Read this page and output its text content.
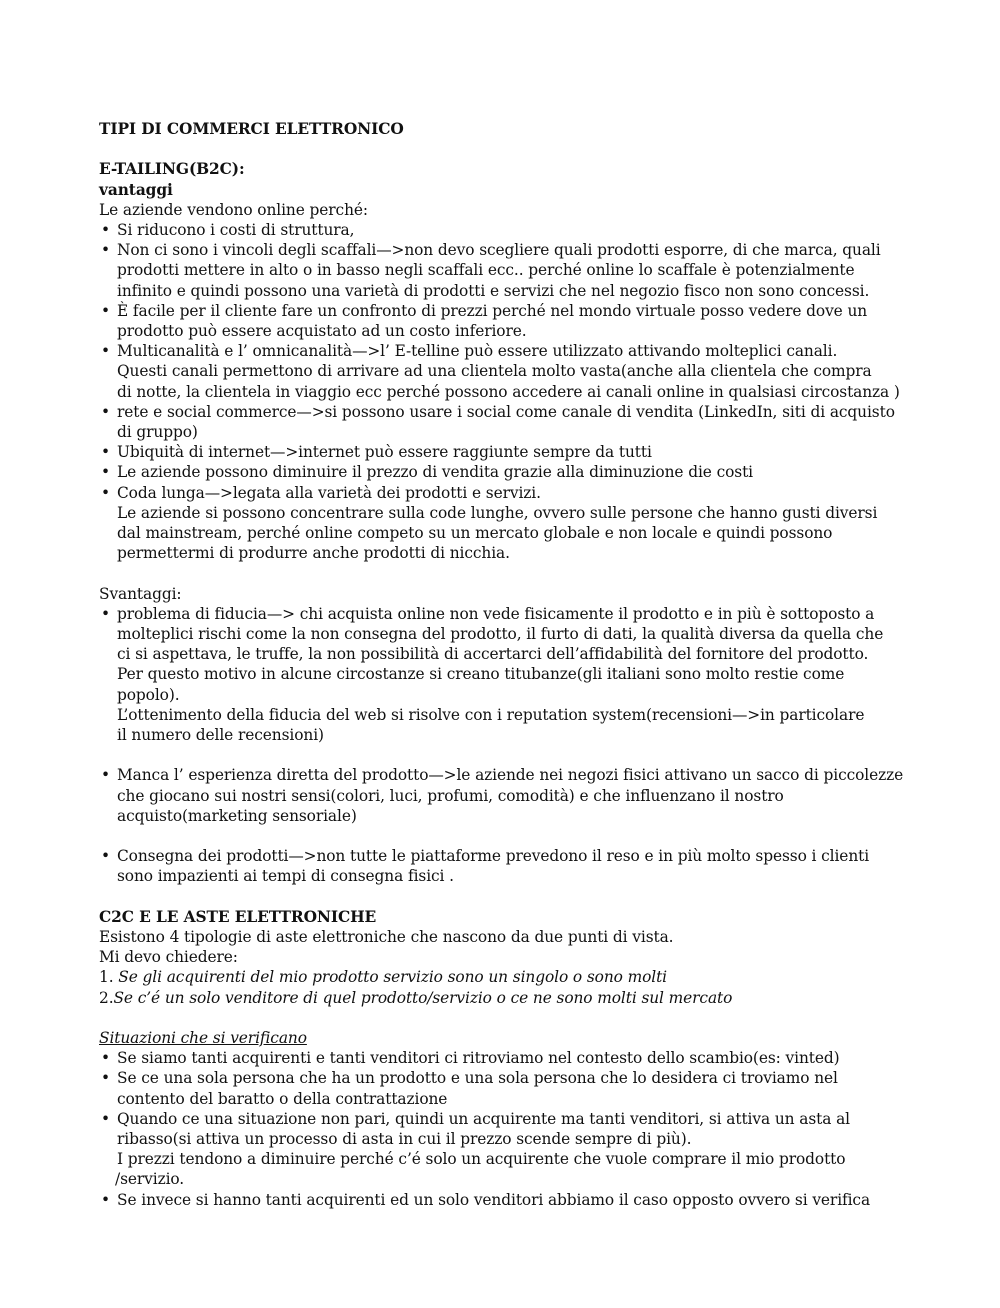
TIPI DI COMMERCI ELETTRONICO
E-TAILING(B2C):
vantaggi
Le aziende vendono online perché:
• Si riducono i costi di struttura,
• Non ci sono i vincoli degli scaffali—>non devo scegliere quali prodotti esporre, di che marca, quali
prodotti mettere in alto o in basso negli scaffali ecc.. perché online lo scaffale è potenzialmente
infinito e quindi possono una varietà di prodotti e servizi che nel negozio fisco non sono concessi.
• È facile per il cliente fare un confronto di prezzi perché nel mondo virtuale posso vedere dove un
prodotto può essere acquistato ad un costo inferiore.
• Multicanalità e l’ omnicanalità—>l’ E-telline può essere utilizzato attivando molteplici canali.
Questi canali permettono di arrivare ad una clientela molto vasta(anche alla clientela che compra
di notte, la clientela in viaggio ecc perché possono accedere ai canali online in qualsiasi circostanza )
• rete e social commerce—>si possono usare i social come canale di vendita (LinkedIn, siti di acquisto
di gruppo)
• Ubiquità di internet—>internet può essere raggiunte sempre da tutti
• Le aziende possono diminuire il prezzo di vendita grazie alla diminuzione die costi
• Coda lunga—>legata alla varietà dei prodotti e servizi.
Le aziende si possono concentrare sulla code lunghe, ovvero sulle persone che hanno gusti diversi
dal mainstream, perché online competo su un mercato globale e non locale e quindi possono
permettermi di produrre anche prodotti di nicchia.
Svantaggi:
• problema di fiducia—> chi acquista online non vede fisicamente il prodotto e in più è sottoposto a
molteplici rischi come la non consegna del prodotto, il furto di dati, la qualità diversa da quella che
ci si aspettava, le truffe, la non possibilità di accertarci dell’affidabilità del fornitore del prodotto.
Per questo motivo in alcune circostanze si creano titubanze(gli italiani sono molto restie come
popolo).
L’ottenimento della fiducia del web si risolve con i reputation system(recensioni—>in particolare
il numero delle recensioni)
• Manca l’ esperienza diretta del prodotto—>le aziende nei negozi fisici attivano un sacco di piccolezze
che giocano sui nostri sensi(colori, luci, profumi, comodità) e che influenzano il nostro
acquisto(marketing sensoriale)
• Consegna dei prodotti—>non tutte le piattaforme prevedono il reso e in più molto spesso i clienti
sono impazienti ai tempi di consegna fisici .
C2C E LE ASTE ELETTRONICHE
Esistono 4 tipologie di aste elettroniche che nascono da due punti di vista.
Mi devo chiedere:
1. Se gli acquirenti del mio prodotto servizio sono un singolo o sono molti
2.Se c’é un solo venditore di quel prodotto/servizio o ce ne sono molti sul mercato
Situazioni che si verificano
• Se siamo tanti acquirenti e tanti venditori ci ritroviamo nel contesto dello scambio(es: vinted)
• Se ce una sola persona che ha un prodotto e una sola persona che lo desidera ci troviamo nel
contento del baratto o della contrattazione
• Quando ce una situazione non pari, quindi un acquirente ma tanti venditori, si attiva un asta al
ribasso(si attiva un processo di asta in cui il prezzo scende sempre di più).
I prezzi tendono a diminuire perché c’é solo un acquirente che vuole comprare il mio prodotto
/servizio.
• Se invece si hanno tanti acquirenti ed un solo venditori abbiamo il caso opposto ovvero si verifica
